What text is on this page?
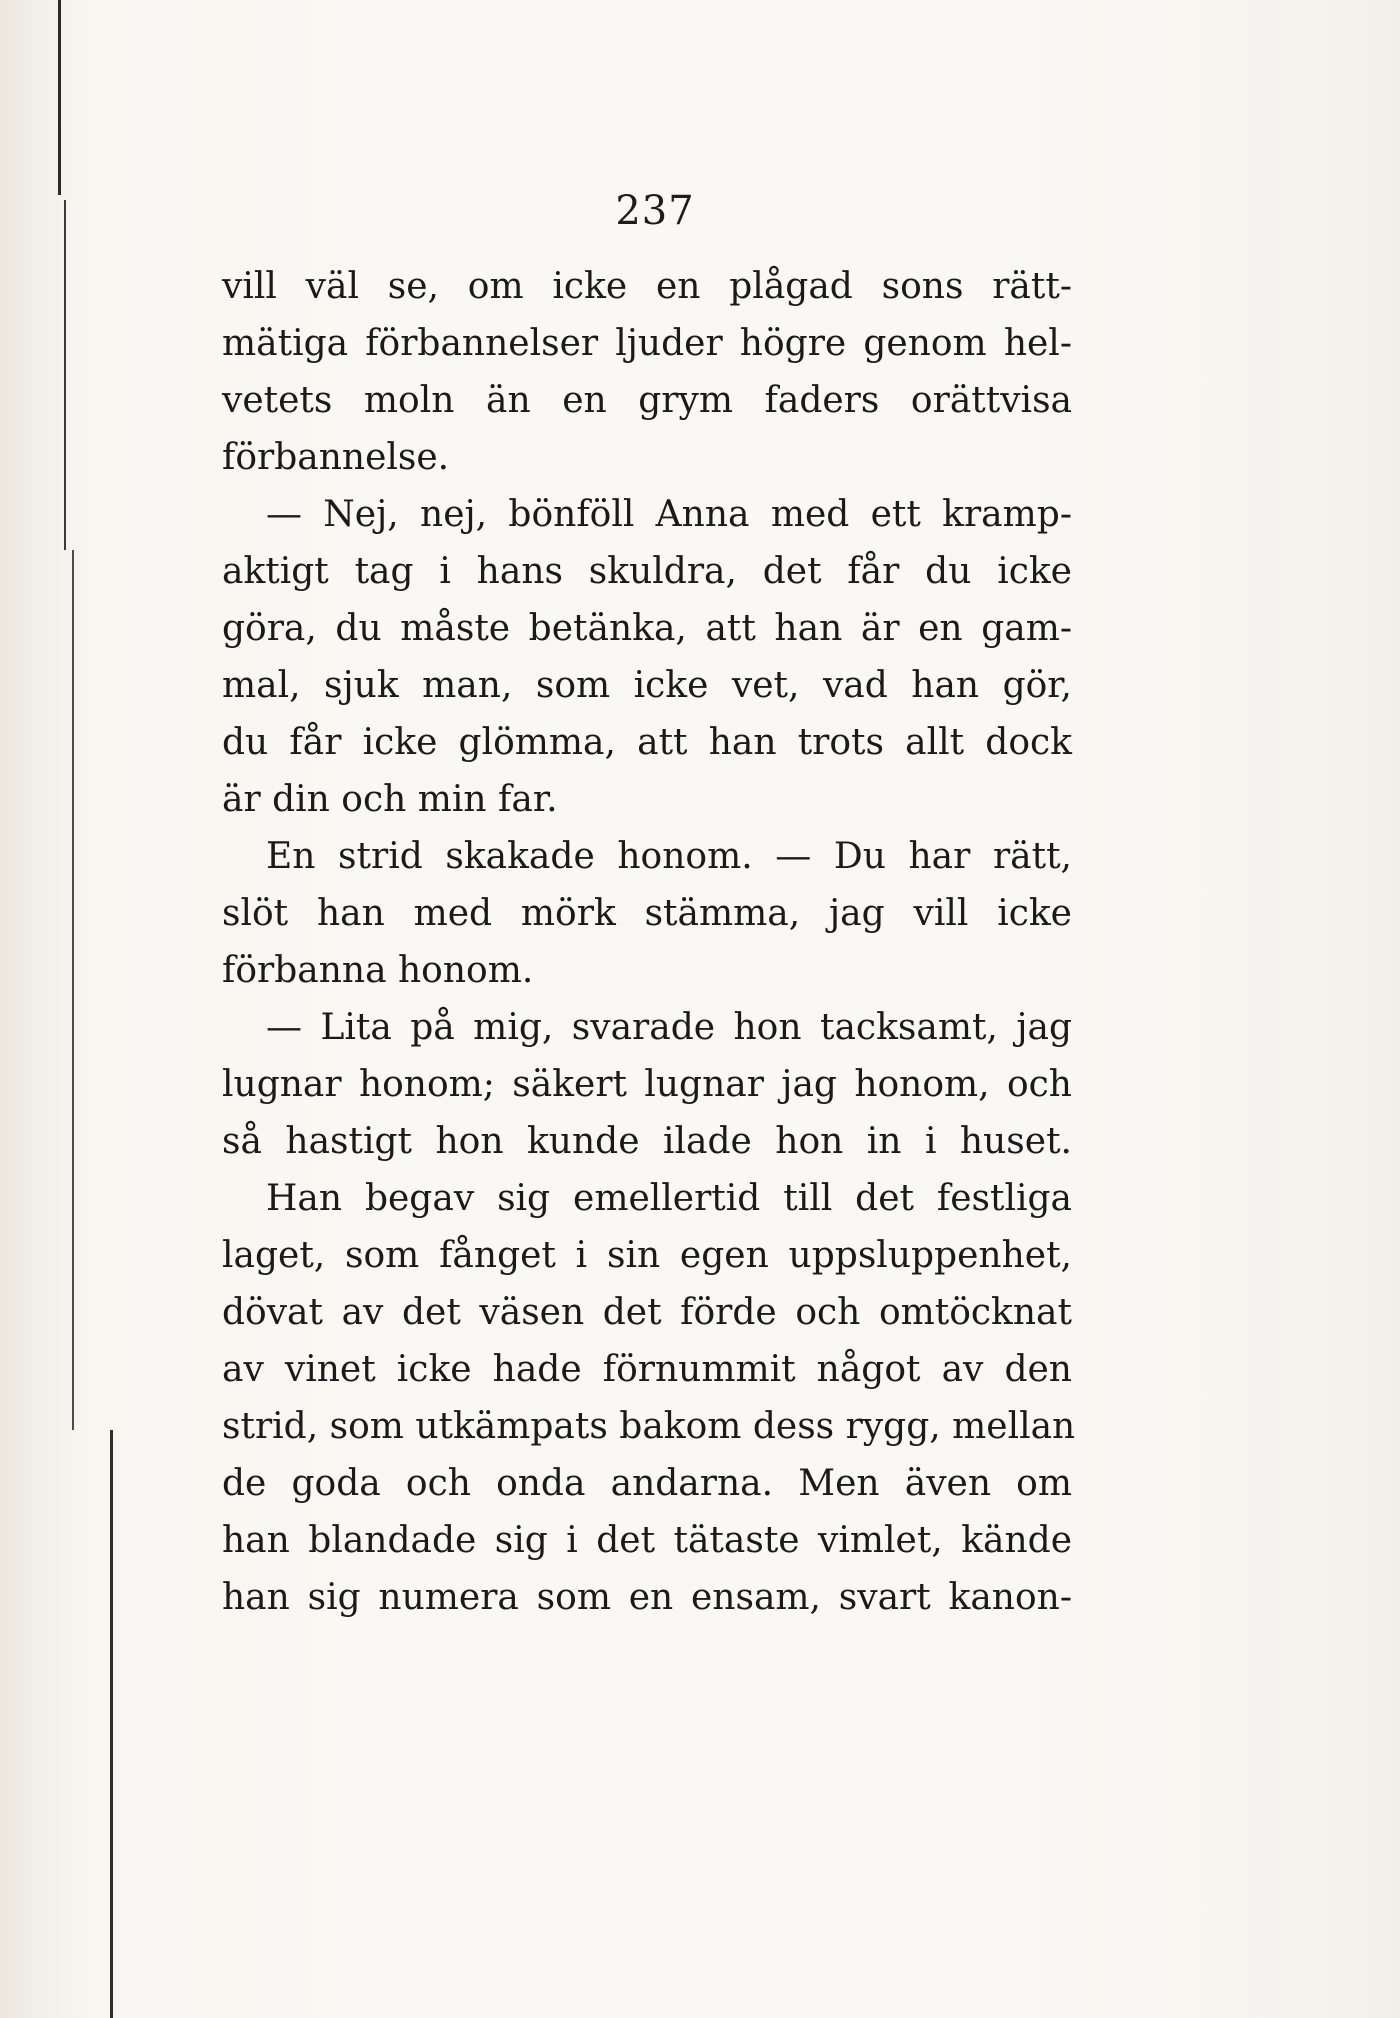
237
vill väl se, om icke en plågad sons rätt-
mätiga förbannelser ljuder högre genom hel-
vetets moln än en grym faders orättvisa
förbannelse.
— Nej, nej, bönföll Anna med ett kramp-
aktigt tag i hans skuldra, det får du icke
göra, du måste betänka, att han är en gam-
mal, sjuk man, som icke vet, vad han gör,
du får icke glömma, att han trots allt dock
är din och min far.
En strid skakade honom. — Du har rätt,
slöt han med mörk stämma, jag vill icke
förbanna honom.
— Lita på mig, svarade hon tacksamt, jag
lugnar honom; säkert lugnar jag honom, och
så hastigt hon kunde ilade hon in i huset.
Han begav sig emellertid till det festliga
laget, som fånget i sin egen uppsluppenhet,
dövat av det väsen det förde och omtöcknat
av vinet icke hade förnummit något av den
strid, som utkämpats bakom dess rygg, mellan
de goda och onda andarna. Men även om
han blandade sig i det tätaste vimlet, kände
han sig numera som en ensam, svart kanon-
